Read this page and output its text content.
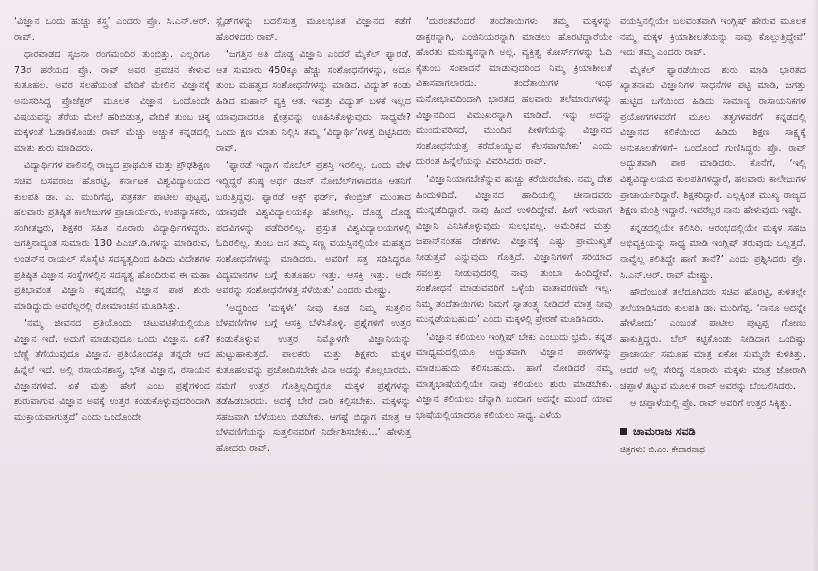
‘ವಿಜ್ಞಾನ ಒಂದು ಹುಚ್ಚು ಕಸ್ತ್ರ’ ಎಂದರು ಪ್ರೊ. ಸಿ.ಎನ್.ಆರ್. ರಾವ್.

ಧಾರವಾಡದ ಸೃಜನಾ ರಂಗಮಂದಿರ ತುಂಬಿತ್ತು. ಎಲ್ಲರಿಗೂ 73ರ ಹರೆಯದ ಪ್ರೊ. ರಾವ್ ಅವರ ಪ್ರವಚನ ಕೇಳುವ ಕುತೂಹಲ. ಅವರ ಸಲಹೆಯಂತೆ ವೇದಿಕೆ ಮೇಲಿನ ವಿಜ್ಞಾನಕ್ಕೆ ಅನುಸರಿಸಿದ್ದ ಪ್ರೊಜೆಕ್ಟರ್ ಮೂಲಕ ವಿಜ್ಞಾನ ಒಂದೊಂದೇ ವಿಷಯವನ್ನು ತೆರೆಯ ಮೇಲೆ ಹರಿಬಿಡುತ್ತ, ವೇದಿಕೆ ತುಂಬ ಚಿಕ್ಕ ಮಕ್ಕಳಂತೆ ಓಡಾಡಿಕೊಂಡು ರಾವ್ ಮೆಚ್ಚು ಅಚ್ಚುಕ ಕನ್ನಡದಲ್ಲಿ ಮಾತು ಶುರು ಮಾಡಿದರು.

ವಿದ್ಯಾರ್ಥಿಗಳ ಪಾಲಿನಲ್ಲಿ ರಾಜ್ಯದ ಪ್ರಾಥಮಿಕ ಮತ್ತು ಪ್ರೌಢಶಿಕ್ಷಣ ಸಚಿವ ಬಸವರಾಜ ಹೊರಟ್ಟಿ, ಕರ್ನಾಟಕ ವಿಶ್ವವಿದ್ಯಾಲಯದ ಕುಲಪತಿ ಡಾ. ಎ. ಮುರಿಗೆಪ್ಪ, ಪತ್ರಕರ್ತ ಪಾಟೀಲ ಪುಟ್ಟಪ್ಪ, ಹಲವಾರು ಪ್ರತಿಷ್ಠಿತ ಕಾಲೇಜುಗಳ ಪ್ರಾಚಾರ್ಯರು, ಉಪನ್ಯಾಸಕರು, ಸಂಗೀತಜ್ಞರು, ಶಿಕ್ಷಕರ ಸಹಿತ ನೂರಾರು ವಿದ್ಯಾರ್ಥಿಗಳಿದ್ದರು. ಜಗತ್ತಿನಾದ್ಯಂತ ಸುಮಾರು 130 ಪಿಎಚ್.ಡಿ.ಗಳನ್ನು ಮಾಡಿರುವ, ಲಂಡನ್‌ನ ರಾಯಲ್ ಸೊಸೈಟಿ ಸದಸ್ಯತ್ವದಿಂದ ಹಿಡಿದು ವಿದೇಶಗಳ ಪ್ರತಿಷ್ಠಿತ ವಿಜ್ಞಾನ ಸಂಸ್ಥೆಗಳಲ್ಲಿನ ಸದಸ್ಯತ್ವ ಹೊಂದಿರುವ ಈ ಮಹಾ ಪ್ರತಿಭಾವಂತ ವಿಜ್ಞಾನಿ ಕನ್ನಡದಲ್ಲಿ ವಿಜ್ಞಾನ ಪಾಠ ಶುರು ಮಾಡಿದ್ದುದು ಅವರೆಲ್ಲರಲ್ಲಿ ರೋಮಾಂಚನ ಮೂಡಿಸಿತ್ತು.

‘ನಮ್ಮ ಜೀವನದ ಪ್ರತಿಯೊಂದು ಚಟುವಟಿಕೆಯಲ್ಲಿಯೂ ವಿಜ್ಞಾನ ಇದೆ. ಅದುಗೆ ಮಾಡುವುದೂ ಒಂದು ವಿಜ್ಞಾನ. ಏಕೆ? ಬೆಣ್ಣೆ ತೆಗೆಯುವುದೂ ವಿಜ್ಞಾನ. ಪ್ರತಿಯೊಂದಕ್ಕೂ ತನ್ನದೇ ಆದ ಹಿನ್ನೆಲೆ ಇದೆ. ಅಲ್ಲಿ ರಸಾಯನಶಾಸ್ತ್ರ, ಭೌತ ವಿಜ್ಞಾನ, ರಸಾಯನ ವಿಜ್ಞಾನಗಳಿವೆ. ಏಕೆ ಮತ್ತು ಹೇಗೆ ಎಂಬ ಪ್ರಶ್ನೆಗಳಿಂದ ಶುರುವಾಗುವ ವಿಜ್ಞಾನ ಅವಕ್ಕೆ ಉತ್ತರ ಕಂಡುಕೊಳ್ಳುವುದರಿಂದಾಗಿ ಮುಕ್ತಾಯವಾಗುತ್ತದೆ’ ಎಂದು ಒಂದೊಂದೇ

ಸ್ಲೈಡ್‌ಗಳನ್ನು ಬದಲಿಸುತ್ತ ಮೂಲಭೂತ ವಿಜ್ಞಾನದ ಕಡೆಗೆ ಹೊರಳಿದರು ರಾವ್.

‘ಜಗತ್ತಿನ ಅತಿ ದೊಡ್ಡ ವಿಜ್ಞಾನಿ ಎಂದರೆ ಮೈಕೆಲ್ ಫ್ಯಾರಡೆ. ಆತ ಸುಮಾರು 450ಕ್ಕೂ ಹೆಚ್ಚು ಸಂಶೋಧನೆಗಳನ್ನು, ಅದೂ ತುಂಬ ಮಹತ್ವದ ಸಂಶೋಧನೆಗಳನ್ನು ಮಾಡಿದ. ವಿದ್ಯುತ್ ಕಂಡು ಹಿಡಿದ ಮಹಾನ್ ವ್ಯಕ್ತಿ ಆತ. ಇವತ್ತು ವಿದ್ಯುತ್ ಬಳಕೆ ಇಲ್ಲದ ಯಾವುದಾದರೂ ಕ್ಷೇತ್ರವನ್ನು ಊಹಿಸಿಕೊಳ್ಳುವುದು ಸಾಧ್ಯವೇ? ಒಂದು ಕ್ಷಣ ಮಾತು ನಿಲ್ಲಿಸಿ ತಮ್ಮ ‘ವಿದ್ಯಾರ್ಥಿ’ಗಳತ್ತ ದಿಟ್ಟಿಸಿದರು ರಾವ್.

‘ಫ್ಯಾರಡೆ ಇದ್ದಾಗ ನೊಬೆಲ್ ಪ್ರಶಸ್ತಿ ಇರಲಿಲ್ಲ. ಒಂದು ವೇಳೆ ಇದ್ದಿದ್ದರೆ ಕನಿಷ್ಠ ಅರ್ಧ ಡಜನ್ ನೋಬೆಲ್‌ಗಳಾದರೂ ಆತನಿಗೆ ಬರುತ್ತಿದ್ದವು. ಫ್ಯಾರಡೆ ಆಕ್ಸ್ ಫರ್ಡ್, ಕೇಂಬ್ರಿಜ್ ಮುಂತಾದ ಯಾವುದೇ ವಿಶ್ವವಿದ್ಯಾಲಯಕ್ಕೂ ಹೋಗಿಲ್ಲ. ದೊಡ್ಡ ದೊಡ್ಡ ಪದವಿಗಳನ್ನು ಪಡೆದಿರಲಿಲ್ಲ. ಪ್ರಸ್ತುತ ವಿಶ್ವವಿದ್ಯಾಲಯಗಳಲ್ಲಿ ಓದಿರಲಿಲ್ಲ. ತುಂಬ ಜನ ತಮ್ಮ ಸಣ್ಣ ವಯಸ್ಸಿನಲ್ಲಿಯೇ ಮಹತ್ವದ ಸಂಶೋಧನೆಗಳನ್ನು ಮಾಡಿದರು. ಅವರಿಗೆ ಸತ್ತ ಸಡಿಸಿದ್ದರೂ ವಿದ್ಯಮಾನಗಳ ಬಗ್ಗೆ ಕುತೂಹಲ ಇತ್ತು. ಆಸಕ್ತಿ ಇತ್ತು. ಅದೇ ಅವರನ್ನು ಸಂಶೋಧನೆಗಳತ್ತ ಸೆಳೆಯಿತು’ ಎಂದರು ಮೇಷ್ಟ್ರು.

‘ಅದ್ದರಿಂದ ‘ಮಕ್ಕಳೇ’ ನೀವು ಕೂಡ ನಿಮ್ಮ ಸುತ್ತಲಿನ ಬೆಳವಣಿಗೆಗಳ ಬಗ್ಗೆ ಆಸಕ್ತಿ ಬೆಳೆಸಿಕೊಳ್ಳಿ. ಪ್ರಶ್ನೆಗಳಿಗೆ ಉತ್ತರ ಕಂಡುಕೊಳ್ಳುವ ಉತ್ತರ ನಿಮ್ಮೊಳಗೇ ವಿಜ್ಞಾನಿಯನ್ನು ಹುಟ್ಟುಹಾಕುತ್ತದೆ. ಪಾಲಕರು ಮತ್ತು ಶಿಕ್ಷಕರು ಮಕ್ಕಳ ಕುತೂಹಲವನ್ನು ಪ್ರಚೋದಿಸಬೇಕೇ ವಿನಾ ಅದನ್ನು ಕೊಲ್ಲಬಾರದು. ನಮಗೆ ಉತ್ತರ ಗೊತ್ತಿಲ್ಲದಿದ್ದರೂ ಮಕ್ಕಳ ಪ್ರಶ್ನೆಗಳನ್ನು ತಡೆಹಿಡಬಾರದು. ಅದಕ್ಕೆ ಬೇರೆ ದಾರಿ ಕಲ್ಪಿಸಬೇಕು. ಮಕ್ಕಳನ್ನು ಸಹಜವಾಗಿ ಬೆಳೆಯಲು ಬಿಡಬೇಕು. ಆಗಷ್ಟೆ ಬಿದ್ದಾಗ ಮಾತ್ರ ಆ ಬೆಳವಣಿಗೆಯನ್ನು ಸುತ್ತಲಿನವರಿಗೆ ನಿರ್ದೇಶಿಸಬೇಕು...’ ಹೇಳುತ್ತ ಹೋದರು ರಾವ್.

‘ದುರಂತವೆಂದರೆ ತಂದೆತಾಯಿಗಳು ತಮ್ಮ ಮಕ್ಕಳನ್ನು ಡಾಕ್ಟರನ್ನಾಗಿ, ಎಂಜಿನಿಯರನ್ನಾಗಿ ಮಾಡಲು ಹೊರಟಿದ್ದಾರೆಯೇ ಹೊರತು ಮನುಷ್ಯನನ್ನಾಗಿ ಅಲ್ಲ. ವ್ಯಕ್ತಿತ್ವ ಕೋರ್ಸ್‌ಗಳನ್ನು ಓದಿ ಕೈತುಂಬ ಸಂಪಾದನೆ ಮಾಡುವುದರಿಂದ ನಿಮ್ಮ ಕ್ರಿಯಾಶೀಲತೆ ವಿಕಾಸವಾಗಲಾರದು. ತಂದೆತಾಯಿಗಳ ಇಂಥ ಮನೋಭಾವದಿಂದಾಗಿ ಭಾರತದ ಹಲವಾರು ತಲೆಮಾರುಗಳನ್ನು ವಿಜ್ಞಾನದಿಂದ ವಿಮುಖರನ್ನಾಗಿ ಮಾಡಿದೆ. ಇನ್ನು ಅದನ್ನು ಮುಂದುವರಿಸದೆ, ಮುಂದಿನ ಪೀಳಿಗೆಯನ್ನು ವಿಜ್ಞಾನದ ಸಂಶೋಧನೆಯತ್ತ ಕರೆದೊಯ್ಯುವ ಕೆಲಸವಾಗಬೇಕು’ ಎಂದು ದುರಂತ ಹಿನ್ನೆಲೆಯನ್ನು ವಿವರಿಸಿದರು ರಾವ್.

‘ವಿಜ್ಞಾನಿಯಾಗಬೇಕೆನ್ನುವ ಹುಚ್ಚು ಕರೆಯಿರಬೇಕು. ನಮ್ಮ ದೇಶ ಹಿಂದುಳಿದಿದೆ. ವಿಜ್ಞಾನದ ಹಾದಿಯಲ್ಲಿ ಚೀನಾದವರು ಮುನ್ನಡೆದಿದ್ದಾರೆ. ನಾವು ಹಿಂದೆ ಉಳಿದಿದ್ದೇವೆ. ಹೀಗೆ ಇರುವಾಗ ವಿಜ್ಞಾನಿ ಎನಿಸಿಕೊಳ್ಳುವುದು ಸುಲಭವಲ್ಲ. ಅಮೆರಿಕದ ಮತ್ತು ಜಪಾನ್‌ನಂತಹ ದೇಶಗಳು ವಿಜ್ಞಾನಕ್ಕೆ ಎಷ್ಟು ಪ್ರಾಮುಖ್ಯತೆ ನೀಡುತ್ತವೆ ಎನ್ನುವುದು ಗೊತ್ತಿದೆ. ವಿಜ್ಞಾನಿಗಳಿಗೆ ಸರಿಯಾದ ಸವಲತ್ತು ನೀಡುವುದರಲ್ಲಿ ನಾವು ತುಂಬಾ ಹಿಂದಿದ್ದೇವೆ. ಸಂಶೋಧನೆ ಮಾಡುವವರಿಗೆ ಒಳ್ಳೆಯ ವಾತಾವರಣವೇ ಇಲ್ಲ. ನಿಮ್ಮ ತಂದೆತಾಯಿಗಳು ನಿಮಗೆ ಸ್ವಾತಂತ್ರ್ಯ ನೀಡಿದರೆ ಮಾತ್ರ ನೀವು ಮುನ್ನಡೆಯಬಹುದು’ ಎಂದು ಮಕ್ಕಳಲ್ಲಿ ಪ್ರೇರಣೆ ಮೂಡಿಸಿದರು.

‘ವಿಜ್ಞಾನ ಕಲಿಯಲು ಇಂಗ್ಲಿಷ್ ಬೇಕು ಎಂಬುದು ಭ್ರಮೆ. ಕನ್ನಡ ಮಾಧ್ಯಮದಲ್ಲಿಯೂ ಅದ್ಭುತವಾಗಿ ವಿಜ್ಞಾನ ಪಾಠಗಳನ್ನು ಮಾಡಬಹುದು ಕಲಿಸಬಹುದು. ಹಾಗೆ ನೋಡಿದರೆ ನಮ್ಮ ಮಾತೃಭಾಷೆಯಲ್ಲಿಯೇ ನಾವು ಕಲಿಯಲು ಶುರು ಮಾಡಬೇಕು. ವಿಜ್ಞಾನ ಕಲಿಯಲು ಚೆನ್ನಾಗಿ ಬಂದಾಗ ಅದನ್ನೇ ಮುಂದೆ ಯಾವ ಭಾಷೆಯಲ್ಲಿಯಾದರೂ ಕಲಿಯಲು ಸಾಧ್ಯ. ಎಳೆಯ

ವಯಸ್ಸಿನಲ್ಲಿಯೇ ಬಲವಂತವಾಗಿ ಇಂಗ್ಲಿಷ್ ಹೇರುವ ಮೂಲಕ ನಮ್ಮ ಮಕ್ಕಳ ಕ್ರಿಯಾಶೀಲತೆಯನ್ನು ನಾವು ಕೊಲ್ಲುತ್ತಿದ್ದೇವೆ’ ಇದು ತಮ್ಮ ಎಂದರು ರಾವ್.

ಮೈಕೆಲ್ ಫ್ಯಾರಡೆಯಿಂದ ಶುರು ಮಾಡಿ ಭಾರತದ ಖ್ಯಾತನಾಮ ವಿಜ್ಞಾನಿಗಳ ಸಾಧನೆಗಳ ಪಟ್ಟಿ ಮಾಡಿ, ಜಗತ್ತು ಹುಟ್ಟಿದ ಬಗೆಯಿಂದ ಹಿಡಿದು ಸಾಮಾನ್ಯ ರಾಸಾಯನಿಕಗಳ ಪ್ರಯೋಗಗಳವರೆಗೆ ಮೂಲ ತತ್ವಗಳವರೆಗೆ ಕನ್ನಡದಲ್ಲಿ ವಿಜ್ಞಾನದ ಕಲಿಕೆಯಿಂದ ಹಿಡಿದು ಶಿಕ್ಷಣ ಸಾಕ್ಷ್ಯಕ್ಕೆ ಅನುಕೂಲತೆಗಳಿಗೆ– ಒಂದೊಂದೆ ಗುಣಿಸಿದ್ದರು ಪ್ರೊ. ರಾವ್ ಅದ್ಭುತವಾಗಿ ಪಾಠ ಮಾಡಿದರು. ಕೊನೆಗೆ, ‘ಇಲ್ಲಿ ವಿಶ್ವವಿದ್ಯಾಲಯದ ಕುಲಪತಿಗಳಿದ್ದಾರೆ, ಹಲವಾರು ಕಾಲೇಜುಗಳ ಪ್ರಾಚಾರ್ಯರಿದ್ದಾರೆ. ಶಿಕ್ಷಕರಿದ್ದಾರೆ. ಎಲ್ಲಕ್ಕಿಂತ ಮುಖ್ಯ ರಾಜ್ಯದ ಶಿಕ್ಷಣ ಮಂತ್ರಿ ಇದ್ದಾರೆ. ಇವರೆಲ್ಲರ ನಾನು ಹೇಳುವುದು ಇಷ್ಟೇ.

ಕನ್ನಡದಲ್ಲಿಯೇ ಕಲಿಸಿರಿ. ಆರಂಭದಲ್ಲಿಯೇ ಮಕ್ಕಳ ಸಹಜ ಅಭಿವ್ಯಕ್ತಿಯನ್ನು ಸಾಧ್ಯ ಮಾಡಿ ಇಂಗ್ಲಿಷ್ ತರುವುದು ಒಲ್ಲತ್ತದೆ. ನಾವ್ವೆಲ್ಲ ಕಲಿತಿದ್ದೇ ಹಾಗೆ ತಾನೆ?’ ಎಂದು ಪ್ರಶ್ನಿಸಿದರು ಪ್ರೊ. ಸಿ.ಎನ್.ಆರ್. ರಾವ್ ಮೇಷ್ಟ್ರು.

ಹೌದೆಂಬಂತೆ ತಲೆದೂಗಿದರು ಸಚಿವ ಹೊರಟ್ಟಿ, ಕುಳಿತಲ್ಲೇ ತಲೆಯಾಡಿಸಿದರು ಕುಲಪತಿ ಡಾ. ಮುರಿಗೆಪ್ಪ. ‘ನಾನೂ ಅದನ್ನೇ ಹೇಳೋದು’ ಎಂಬಂತೆ ಪಾಟೀಲ ಪುಟ್ಟಪ್ಪ ಗೋಣು ಹಾಕುತ್ತಿದ್ದರು. ಬೆಲ್ ಕಟ್ಟಿಕೊಂಡು ನೀಡಿದಾಗ ಒಂದಿಷ್ಟು ಪ್ರಾಚಾರ್ಯ ಸಮೂಹ ಮಾತ್ರ ಏಕೋ ಸುಮ್ಮನೇ ಕುಳಿತಿತ್ತು. ಆದರೆ ಅಲ್ಲಿ ಸೇರಿದ್ದ ನೂರಾರು ಮಕ್ಕಳು ಮಾತ್ರ ಜೋರಾಗಿ ಚಪ್ಪಾಳೆ ತಟ್ಟುವ ಮೂಲಕ ರಾವ್ ಅವರನ್ನು ಬೆಂಬಲಿಸಿದರು.

ಆ ಚಪ್ಪಾಳೆಯಲ್ಲಿ ಪ್ರೊ. ರಾವ್ ಅವರಿಗೆ ಉತ್ತರ ಸಿಕ್ಕಿತ್ತು.

ಚಾಮರಾಜ ಸವಡಿ
ಚಿತ್ರಗಳು: ಬಿ.ಎಂ. ಕೇದಾರನಾಥ
